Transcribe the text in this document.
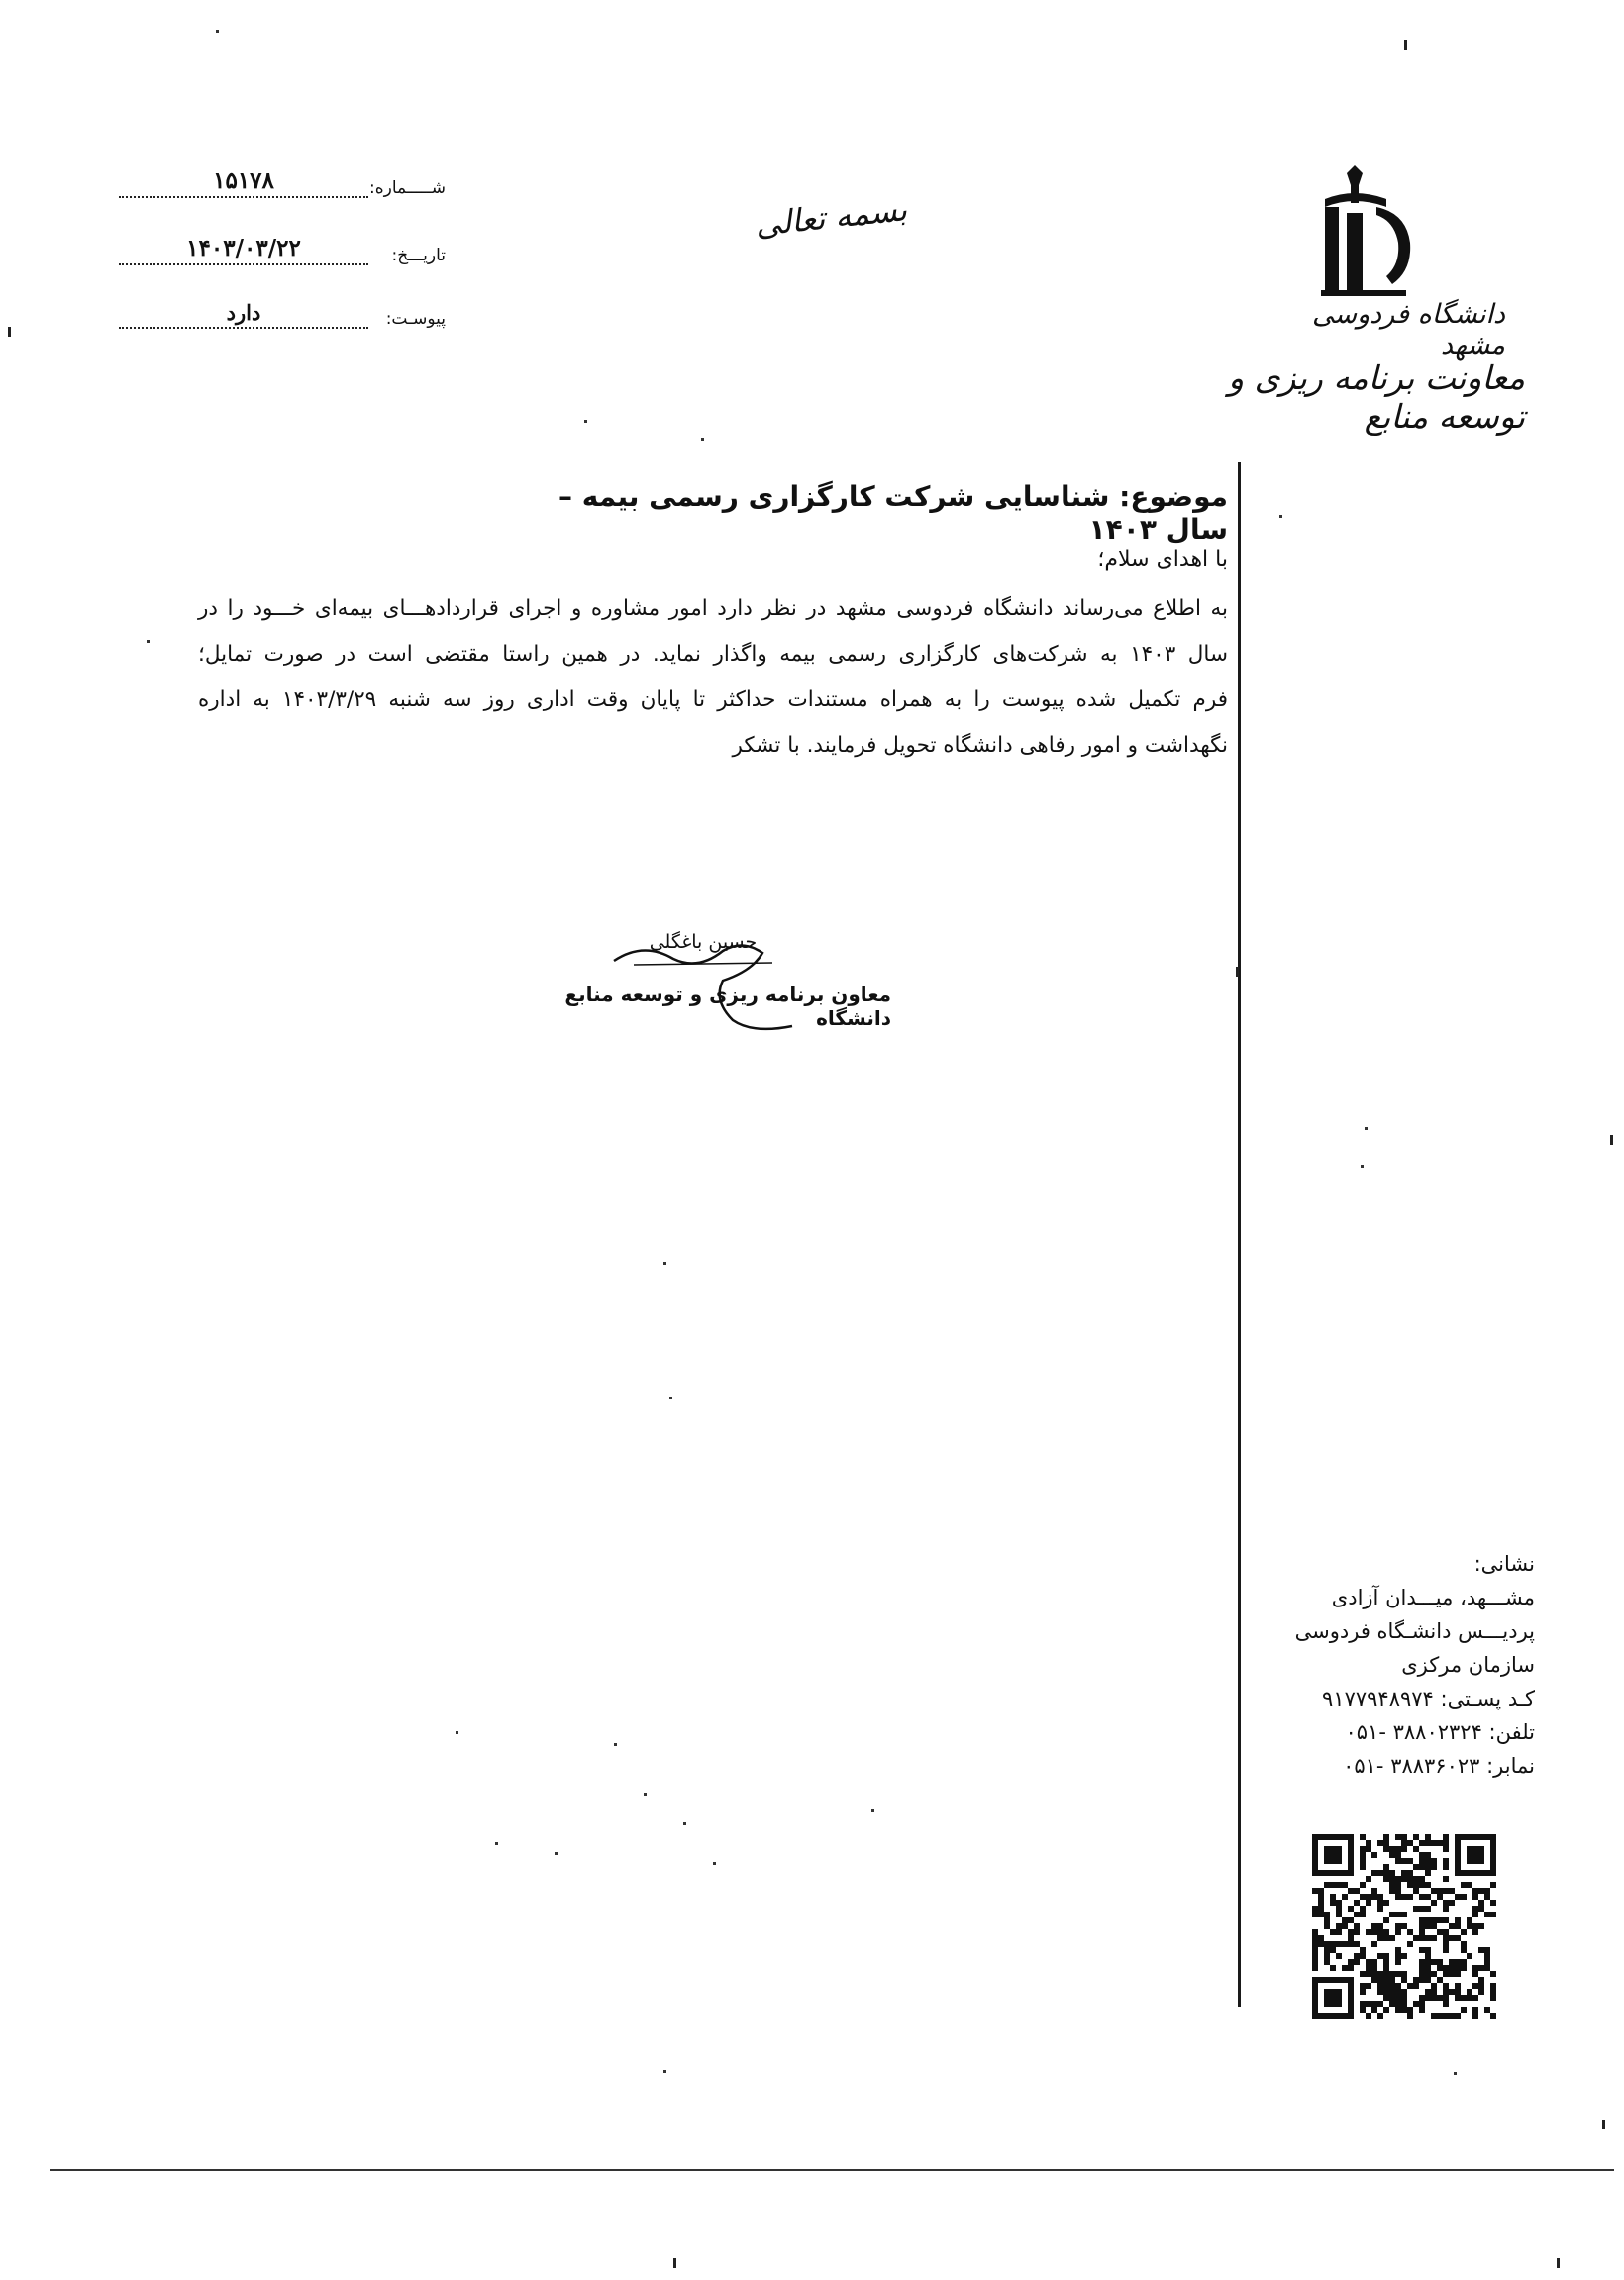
دانشگاه فردوسی مشهد
معاونت برنامه ریزی و توسعه منابع
بسمه تعالی
۱۵۱۷۸	شـــــماره:
۱۴۰۳/۰۳/۲۲	تاریـــخ:
دارد	پیوسـت:
موضوع: شناسایی شرکت کارگزاری رسمی بیمه – سال ۱۴۰۳
با اهدای سلام؛
به اطلاع می‌رساند دانشگاه فردوسی مشهد در نظر دارد امور مشاوره و اجرای قراردادهـــای بیمه‌ای خـــود را در
سال ۱۴۰۳ به شرکت‌های کارگزاری رسمی بیمه واگذار نماید. در همین راستا مقتضی است در صورت تمایل؛
فرم تکمیل شده پیوست را به همراه مستندات حداکثر تا پایان وقت اداری روز سه شنبه ۱۴۰۳/۳/۲۹ به اداره
نگهداشت و امور رفاهی دانشگاه تحویل فرمایند. با تشکر
حسین باغگلی
معاون برنامه ریزی و توسعه منابع دانشگاه
نشانی:
مشـــهد، میـــدان آزادی
پردیـــس دانشـگاه فردوسی
سازمان مرکزی
کـد پسـتی: ۹۱۷۷۹۴۸۹۷۴
تلفن: ۳۸۸۰۲۳۲۴ -۰۵۱
نمابر: ۳۸۸۳۶۰۲۳ -۰۵۱
